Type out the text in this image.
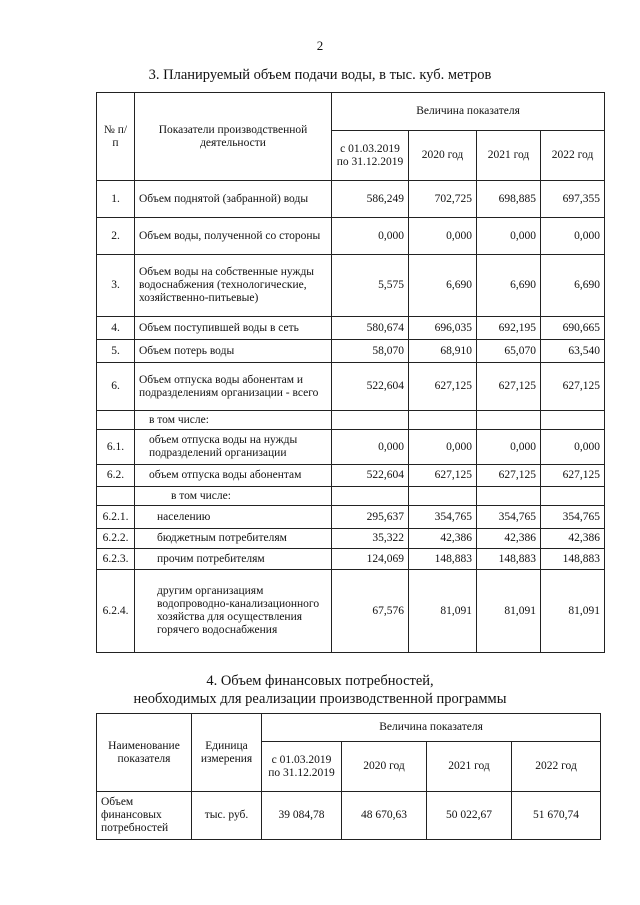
2
3. Планируемый объем подачи воды, в тыс. куб. метров
№ п/п	Показатели производственной деятельности	Величина показателя			
		с 01.03.2019 по 31.12.2019	2020 год	2021 год	2022 год
1.	Объем поднятой (забранной) воды	586,249	702,725	698,885	697,355
2.	Объем воды, полученной со стороны	0,000	0,000	0,000	0,000
3.	Объем воды на собственные нужды водоснабжения (технологические, хозяйственно-питьевые)	5,575	6,690	6,690	6,690
4.	Объем поступившей воды в сеть	580,674	696,035	692,195	690,665
5.	Объем потерь воды	58,070	68,910	65,070	63,540
6.	Объем отпуска воды абонентам и подразделениям организации - всего	522,604	627,125	627,125	627,125
	в том числе:				
6.1.	объем отпуска воды на нужды подразделений организации	0,000	0,000	0,000	0,000
6.2.	объем отпуска воды абонентам	522,604	627,125	627,125	627,125
	в том числе:				
6.2.1.	населению	295,637	354,765	354,765	354,765
6.2.2.	бюджетным потребителям	35,322	42,386	42,386	42,386
6.2.3.	прочим потребителям	124,069	148,883	148,883	148,883
6.2.4.	другим организациям водопроводно-канализационного хозяйства для осуществления горячего водоснабжения	67,576	81,091	81,091	81,091
4. Объем финансовых потребностей,
необходимых для реализации производственной программы
Наименование показателя	Единица измерения	Величина показателя			
		с 01.03.2019 по 31.12.2019	2020 год	2021 год	2022 год
Объем финансовых потребностей	тыс. руб.	39 084,78	48 670,63	50 022,67	51 670,74
